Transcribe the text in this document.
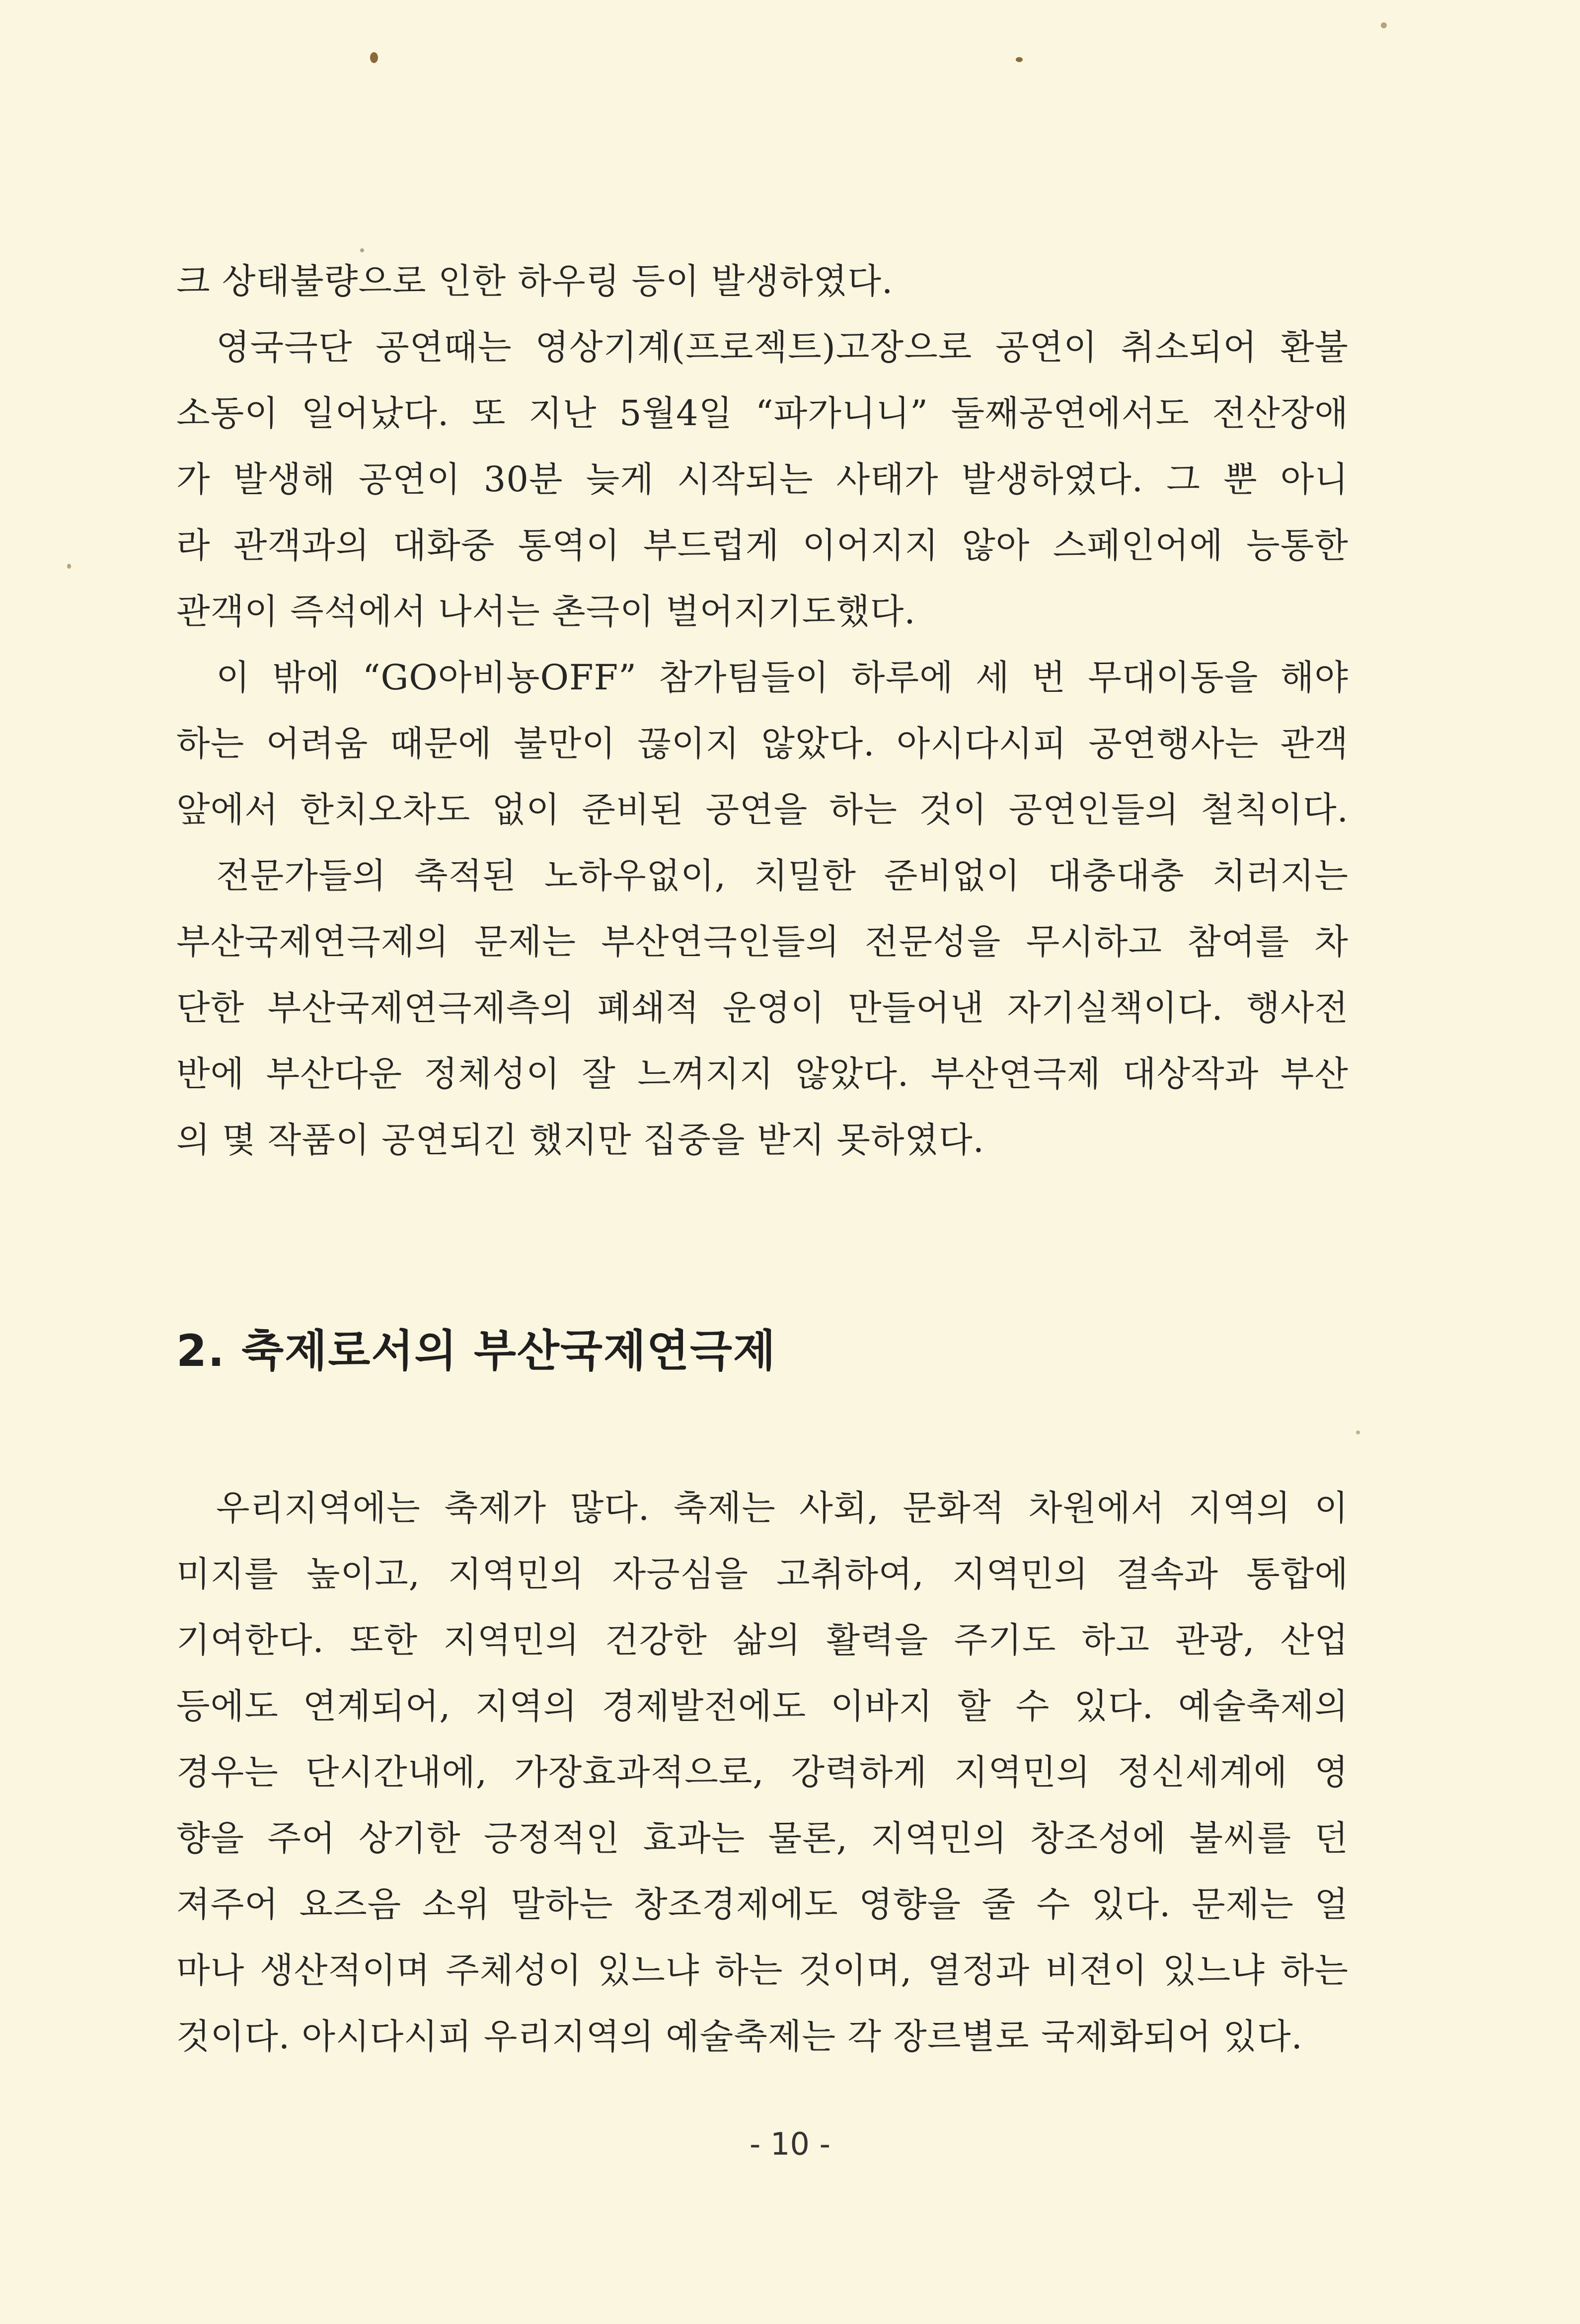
크 상태불량으로 인한 하우링 등이 발생하였다.
영국극단 공연때는 영상기계(프로젝트)고장으로 공연이 취소되어 환불
소동이 일어났다. 또 지난 5월4일 “파가니니” 둘째공연에서도 전산장애
가 발생해 공연이 30분 늦게 시작되는 사태가 발생하였다. 그 뿐 아니
라 관객과의 대화중 통역이 부드럽게 이어지지 않아 스페인어에 능통한
관객이 즉석에서 나서는 촌극이 벌어지기도했다.
이 밖에 “GO아비뇽OFF” 참가팀들이 하루에 세 번 무대이동을 해야
하는 어려움 때문에 불만이 끊이지 않았다. 아시다시피 공연행사는 관객
앞에서 한치오차도 없이 준비된 공연을 하는 것이 공연인들의 철칙이다.
전문가들의 축적된 노하우없이, 치밀한 준비없이 대충대충 치러지는
부산국제연극제의 문제는 부산연극인들의 전문성을 무시하고 참여를 차
단한 부산국제연극제측의 폐쇄적 운영이 만들어낸 자기실책이다. 행사전
반에 부산다운 정체성이 잘 느껴지지 않았다. 부산연극제 대상작과 부산
의 몇 작품이 공연되긴 했지만 집중을 받지 못하였다.
2. 축제로서의 부산국제연극제
우리지역에는 축제가 많다. 축제는 사회, 문화적 차원에서 지역의 이
미지를 높이고, 지역민의 자긍심을 고취하여, 지역민의 결속과 통합에
기여한다. 또한 지역민의 건강한 삶의 활력을 주기도 하고 관광, 산업
등에도 연계되어, 지역의 경제발전에도 이바지 할 수 있다. 예술축제의
경우는 단시간내에, 가장효과적으로, 강력하게 지역민의 정신세계에 영
향을 주어 상기한 긍정적인 효과는 물론, 지역민의 창조성에 불씨를 던
져주어 요즈음 소위 말하는 창조경제에도 영향을 줄 수 있다. 문제는 얼
마나 생산적이며 주체성이 있느냐 하는 것이며, 열정과 비젼이 있느냐 하는
것이다. 아시다시피 우리지역의 예술축제는 각 장르별로 국제화되어 있다.
- 10 -
